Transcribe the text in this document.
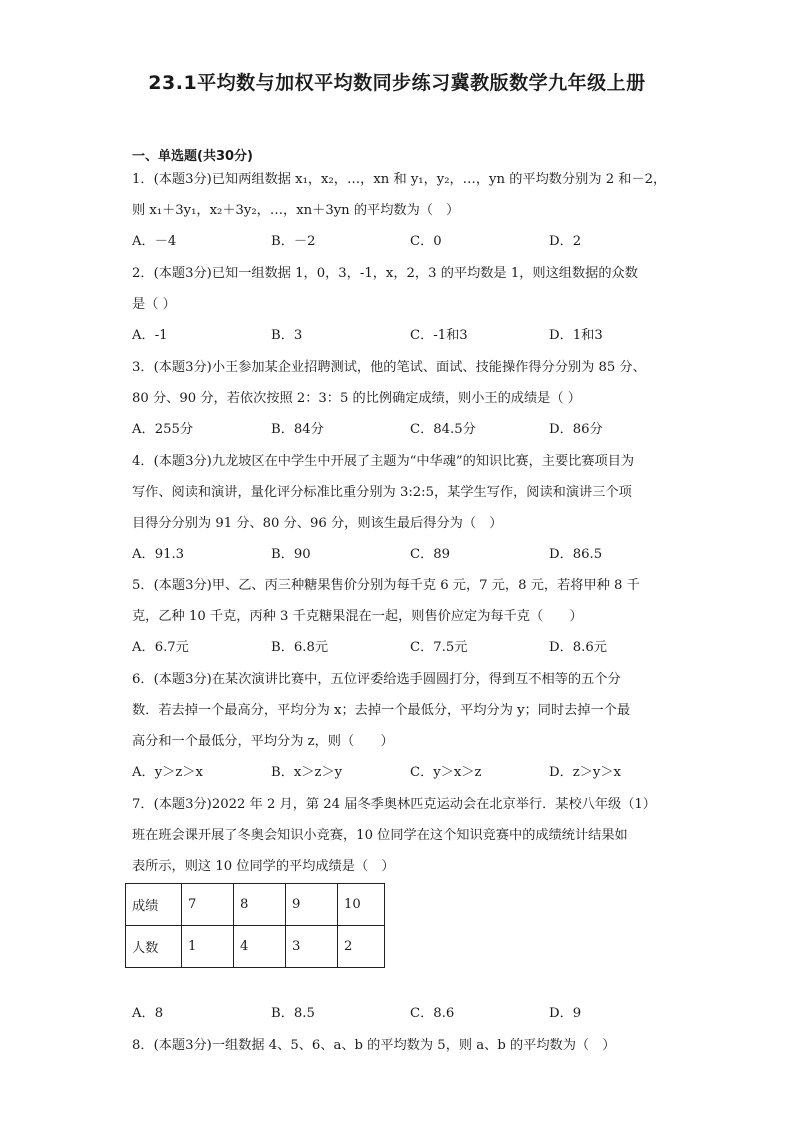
23.1平均数与加权平均数同步练习冀教版数学九年级上册
一、单选题(共30分)
1．(本题3分)已知两组数据 x₁，x₂，…，xn 和 y₁，y₂，…，yn 的平均数分别为 2 和－2，
则 x₁＋3y₁，x₂＋3y₂，…，xn＋3yn 的平均数为（　）
A．－4	B．－2	C．0	D．2
2．(本题3分)已知一组数据 1，0，3，-1，x，2，3 的平均数是 1，则这组数据的众数
是（ ）
A．-1	B．3	C．-1和3	D．1和3
3．(本题3分)小王参加某企业招聘测试，他的笔试、面试、技能操作得分分别为 85 分、
80 分、90 分，若依次按照 2：3：5 的比例确定成绩，则小王的成绩是（ ）
A．255分	B．84分	C．84.5分	D．86分
4．(本题3分)九龙坡区在中学生中开展了主题为“中华魂”的知识比赛，主要比赛项目为
写作、阅读和演讲，量化评分标准比重分别为 3:2:5，某学生写作，阅读和演讲三个项
目得分分别为 91 分、80 分、96 分，则该生最后得分为（　）
A．91.3	B．90	C．89	D．86.5
5．(本题3分)甲、乙、丙三种糖果售价分别为每千克 6 元，7 元，8 元，若将甲种 8 千
克，乙种 10 千克，丙种 3 千克糖果混在一起，则售价应定为每千克（　　）
A．6.7元	B．6.8元	C．7.5元	D．8.6元
6．(本题3分)在某次演讲比赛中，五位评委给选手圆圆打分，得到互不相等的五个分
数．若去掉一个最高分，平均分为 x；去掉一个最低分，平均分为 y；同时去掉一个最
高分和一个最低分，平均分为 z，则（　　）
A．y＞z＞x	B．x＞z＞y	C．y＞x＞z	D．z＞y＞x
7．(本题3分)2022 年 2 月，第 24 届冬季奥林匹克运动会在北京举行．某校八年级（1）
班在班会课开展了冬奥会知识小竞赛，10 位同学在这个知识竞赛中的成绩统计结果如
表所示，则这 10 位同学的平均成绩是（　）
成绩	7	8	9	10
人数	1	4	3	2
A．8	B．8.5	C．8.6	D．9
8．(本题3分)一组数据 4、5、6、a、b 的平均数为 5，则 a、b 的平均数为（　）
